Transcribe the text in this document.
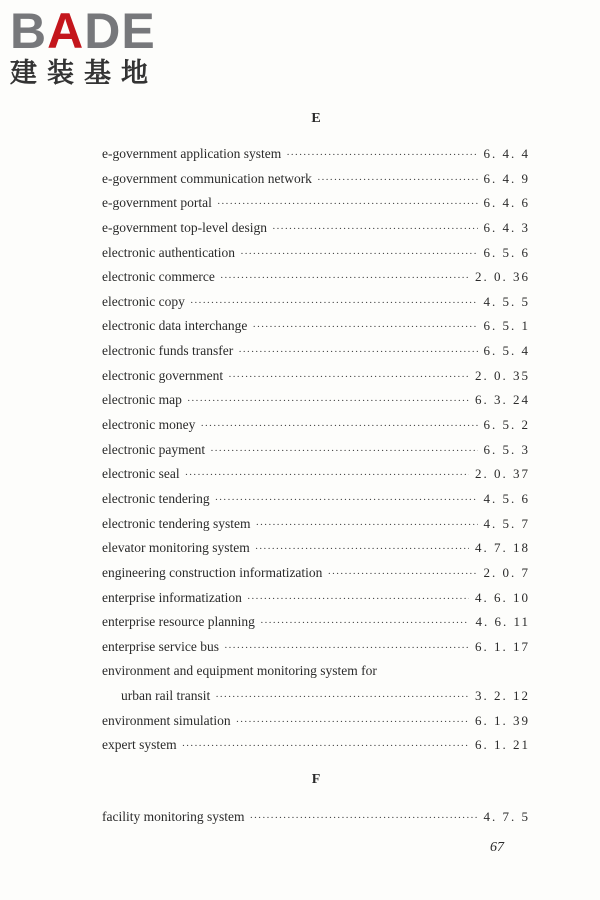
BADE
建装基地
E
e-government application system ·····	6. 4. 4
e-government communication network ·····	6. 4. 9
e-government portal ·····	6. 4. 6
e-government top-level design ·····	6. 4. 3
electronic authentication ·····	6. 5. 6
electronic commerce ·····	2. 0. 36
electronic copy ·····	4. 5. 5
electronic data interchange ·····	6. 5. 1
electronic funds transfer ·····	6. 5. 4
electronic government ·····	2. 0. 35
electronic map ·····	6. 3. 24
electronic money ·····	6. 5. 2
electronic payment ·····	6. 5. 3
electronic seal ·····	2. 0. 37
electronic tendering ·····	4. 5. 6
electronic tendering system ·····	4. 5. 7
elevator monitoring system ·····	4. 7. 18
engineering construction informatization ·····	2. 0. 7
enterprise informatization ·····	4. 6. 10
enterprise resource planning ·····	4. 6. 11
enterprise service bus ·····	6. 1. 17
environment and equipment monitoring system for
urban rail transit ·····	3. 2. 12
environment simulation ·····	6. 1. 39
expert system ·····	6. 1. 21
F
facility monitoring system ·····	4. 7. 5
67
